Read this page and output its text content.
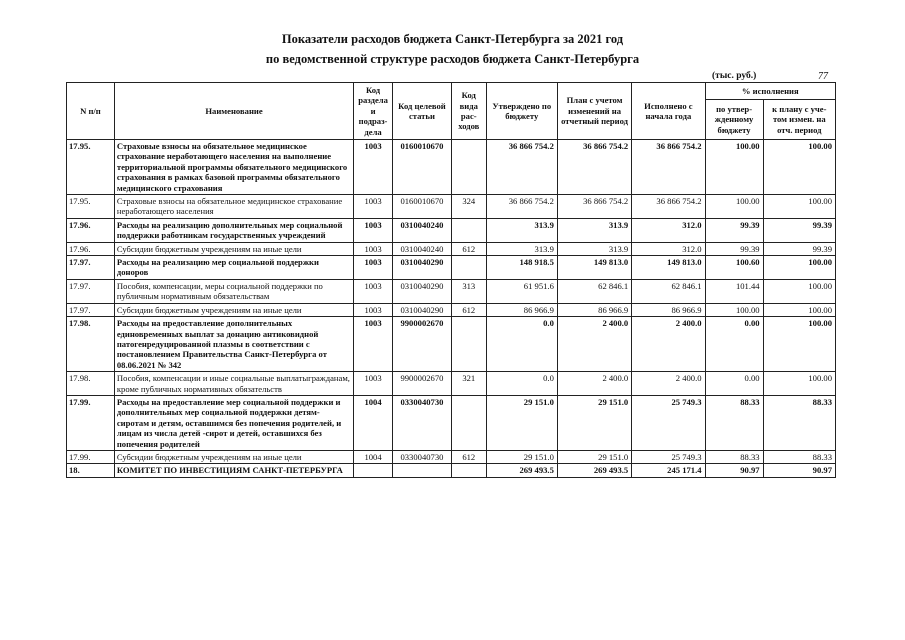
Показатели расходов бюджета Санкт-Петербурга за 2021 год
по ведомственной структуре расходов бюджета Санкт-Петербурга
(тыс. руб.)	77
N п/п	Наименование	Код раздела и подраз-дела	Код целевой статьи	Код вида рас-ходов	Утверждено по бюджету	План с учетом изменений на отчетный период	Исполнено с начала года	% исполнения	
								по утвер-жденному бюджету	к плану с уче-том измен. на отч. период
17.95.	Страховые взносы на обязательное медицинское страхование неработающего населения на выполнение территориальной программы обязательного медицинского страхования в рамках базовой программы обязательного медицинского страхования	1003	0160010670		36 866 754.2	36 866 754.2	36 866 754.2	100.00	100.00
17.95.	Страховые взносы на обязательное медицинское страхование неработающего населения	1003	0160010670	324	36 866 754.2	36 866 754.2	36 866 754.2	100.00	100.00
17.96.	Расходы на реализацию дополнительных мер социальной поддержки работникам государственных учреждений	1003	0310040240		313.9	313.9	312.0	99.39	99.39
17.96.	Субсидии бюджетным учреждениям на иные цели	1003	0310040240	612	313.9	313.9	312.0	99.39	99.39
17.97.	Расходы на реализацию мер социальной поддержки доноров	1003	0310040290		148 918.5	149 813.0	149 813.0	100.60	100.00
17.97.	Пособия, компенсации, меры социальной поддержки по публичным нормативным обязательствам	1003	0310040290	313	61 951.6	62 846.1	62 846.1	101.44	100.00
17.97.	Субсидии бюджетным учреждениям на иные цели	1003	0310040290	612	86 966.9	86 966.9	86 966.9	100.00	100.00
17.98.	Расходы на предоставление дополнительных единовременных выплат за донацию антиковидной патогенредуцированной плазмы в соответствии с постановлением Правительства Санкт-Петербурга от 08.06.2021 № 342	1003	9900002670		0.0	2 400.0	2 400.0	0.00	100.00
17.98.	Пособия, компенсации и иные социальные выплатыгражданам, кроме публичных нормативных обязательств	1003	9900002670	321	0.0	2 400.0	2 400.0	0.00	100.00
17.99.	Расходы на предоставление мер социальной поддержки и дополнительных мер социальной поддержки детям-сиротам и детям, оставшимся без попечения родителей, и лицам из числа детей -сирот и детей, оставшихся без попечения родителей	1004	0330040730		29 151.0	29 151.0	25 749.3	88.33	88.33
17.99.	Субсидии бюджетным учреждениям на иные цели	1004	0330040730	612	29 151.0	29 151.0	25 749.3	88.33	88.33
18.	КОМИТЕТ ПО ИНВЕСТИЦИЯМ САНКТ-ПЕТЕРБУРГА				269 493.5	269 493.5	245 171.4	90.97	90.97
